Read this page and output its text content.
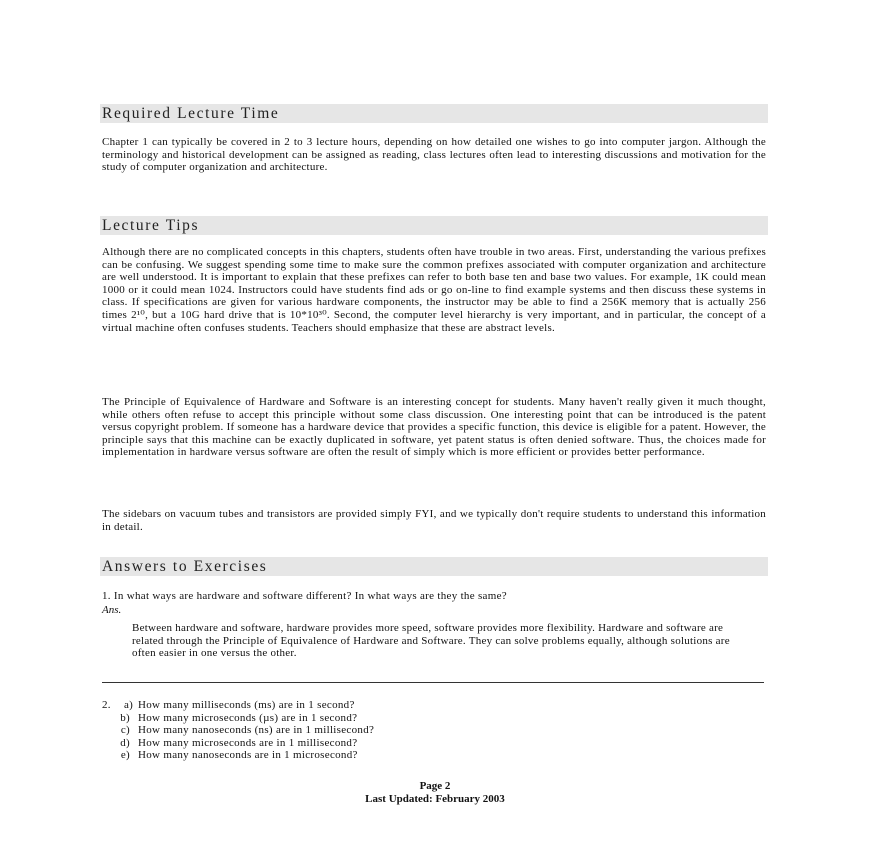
Required Lecture Time

Chapter 1 can typically be covered in 2 to 3 lecture hours, depending on how detailed one wishes to go into computer jargon. Although the terminology and historical development can be assigned as reading, class lectures often lead to interesting discussions and motivation for the study of computer organization and architecture.

Lecture Tips

Although there are no complicated concepts in this chapters, students often have trouble in two areas. First, understanding the various prefixes can be confusing. We suggest spending some time to make sure the common prefixes associated with computer organization and architecture are well understood. It is important to explain that these prefixes can refer to both base ten and base two values. For example, 1K could mean 1000 or it could mean 1024. Instructors could have students find ads or go on-line to find example systems and then discuss these systems in class. If specifications are given for various hardware components, the instructor may be able to find a 256K memory that is actually 256 times 2¹⁰, but a 10G hard drive that is 10*10³⁰. Second, the computer level hierarchy is very important, and in particular, the concept of a virtual machine often confuses students. Teachers should emphasize that these are abstract levels.

The Principle of Equivalence of Hardware and Software is an interesting concept for students. Many haven't really given it much thought, while others often refuse to accept this principle without some class discussion. One interesting point that can be introduced is the patent versus copyright problem. If someone has a hardware device that provides a specific function, this device is eligible for a patent. However, the principle says that this machine can be exactly duplicated in software, yet patent status is often denied software. Thus, the choices made for implementation in hardware versus software are often the result of simply which is more efficient or provides better performance.

The sidebars on vacuum tubes and transistors are provided simply FYI, and we typically don't require students to understand this information in detail.

Answers to Exercises
1. In what ways are hardware and software different? In what ways are they the same?
Ans.
Between hardware and software, hardware provides more speed, software provides more flexibility. Hardware and software are related through the Principle of Equivalence of Hardware and Software. They can solve problems equally, although solutions are often easier in one versus the other.
2. a) How many milliseconds (ms) are in 1 second?
b) How many microseconds (µs) are in 1 second?
c) How many nanoseconds (ns) are in 1 millisecond?
d) How many microseconds are in 1 millisecond?
e) How many nanoseconds are in 1 microsecond?
Page 2
Last Updated: February 2003
